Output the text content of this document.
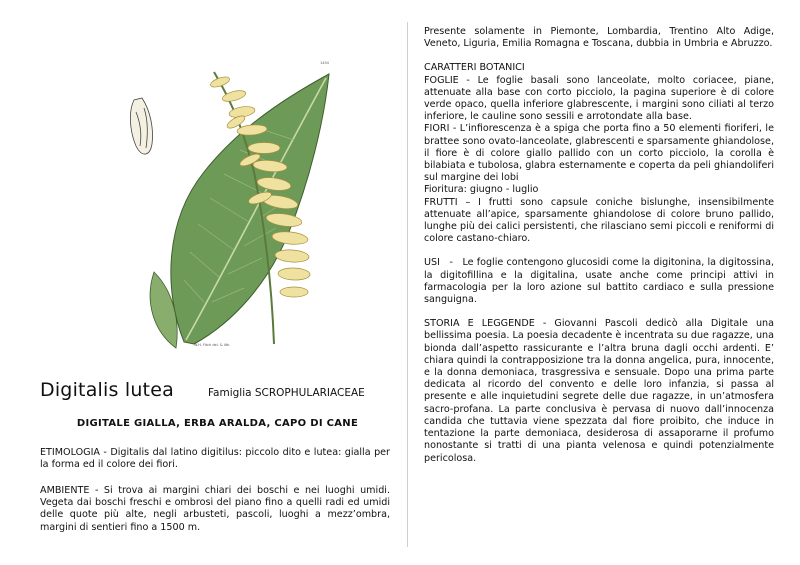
1454
W.H. Fitch del. & lith.
Digitalis lutea	Famiglia SCROPHULARIACEAE
DIGITALE GIALLA, ERBA ARALDA, CAPO DI CANE

ETIMOLOGIA - Digitalis dal latino digitilus: piccolo dito e lutea: gialla per la forma ed il colore dei fiori.

AMBIENTE - Si trova ai margini chiari dei boschi e nei luoghi umidi. Vegeta dai boschi freschi e ombrosi del piano fino a quelli radi ed umidi delle quote più alte, negli arbusteti, pascoli, luoghi a mezz’ombra, margini di sentieri fino a 1500 m.

Presente solamente in Piemonte, Lombardia, Trentino Alto Adige, Veneto, Liguria, Emilia Romagna e Toscana, dubbia in Umbria e Abruzzo.

CARATTERI BOTANICI

FOGLIE - Le foglie basali sono lanceolate, molto coriacee, piane, attenuate alla base con corto picciolo, la pagina superiore è di colore verde opaco, quella inferiore glabrescente, i margini sono ciliati al terzo inferiore, le cauline sono sessili e arrotondate alla base.

FIORI - L’infiorescenza è a spiga che porta fino a 50 elementi fioriferi, le brattee sono ovato-lanceolate, glabrescenti e sparsamente ghiandolose, il fiore è di colore giallo pallido con un corto picciolo, la corolla è bilabiata e tubolosa, glabra esternamente e coperta da peli ghiandoliferi sul margine dei lobi

Fioritura: giugno - luglio

FRUTTI – I frutti sono capsule coniche bislunghe, insensibilmente attenuate all’apice, sparsamente ghiandolose di colore bruno pallido, lunghe più dei calici persistenti, che rilasciano semi piccoli e reniformi di colore castano-chiaro.

USI   -   Le foglie contengono glucosidi come la digitonina, la digitossina, la digitofillina e la digitalina, usate anche come principi attivi in farmacologia per la loro azione sul battito cardiaco e sulla pressione sanguigna.

STORIA E LEGGENDE - Giovanni Pascoli dedicò alla Digitale una bellissima poesia. La poesia decadente è incentrata su due ragazze, una bionda dall’aspetto rassicurante e l’altra bruna dagli occhi ardenti. E’ chiara quindi la contrapposizione tra la donna angelica, pura, innocente, e la donna demoniaca, trasgressiva e sensuale. Dopo una prima parte dedicata al ricordo del convento e delle loro infanzia, si passa al presente e alle inquietudini segrete delle due ragazze, in un’atmosfera sacro-profana. La parte conclusiva è pervasa di nuovo dall’innocenza candida che tuttavia viene spezzata dal fiore proibito, che induce in tentazione la parte demoniaca, desiderosa di assaporarne il profumo nonostante si tratti di una pianta velenosa e quindi potenzialmente pericolosa.
